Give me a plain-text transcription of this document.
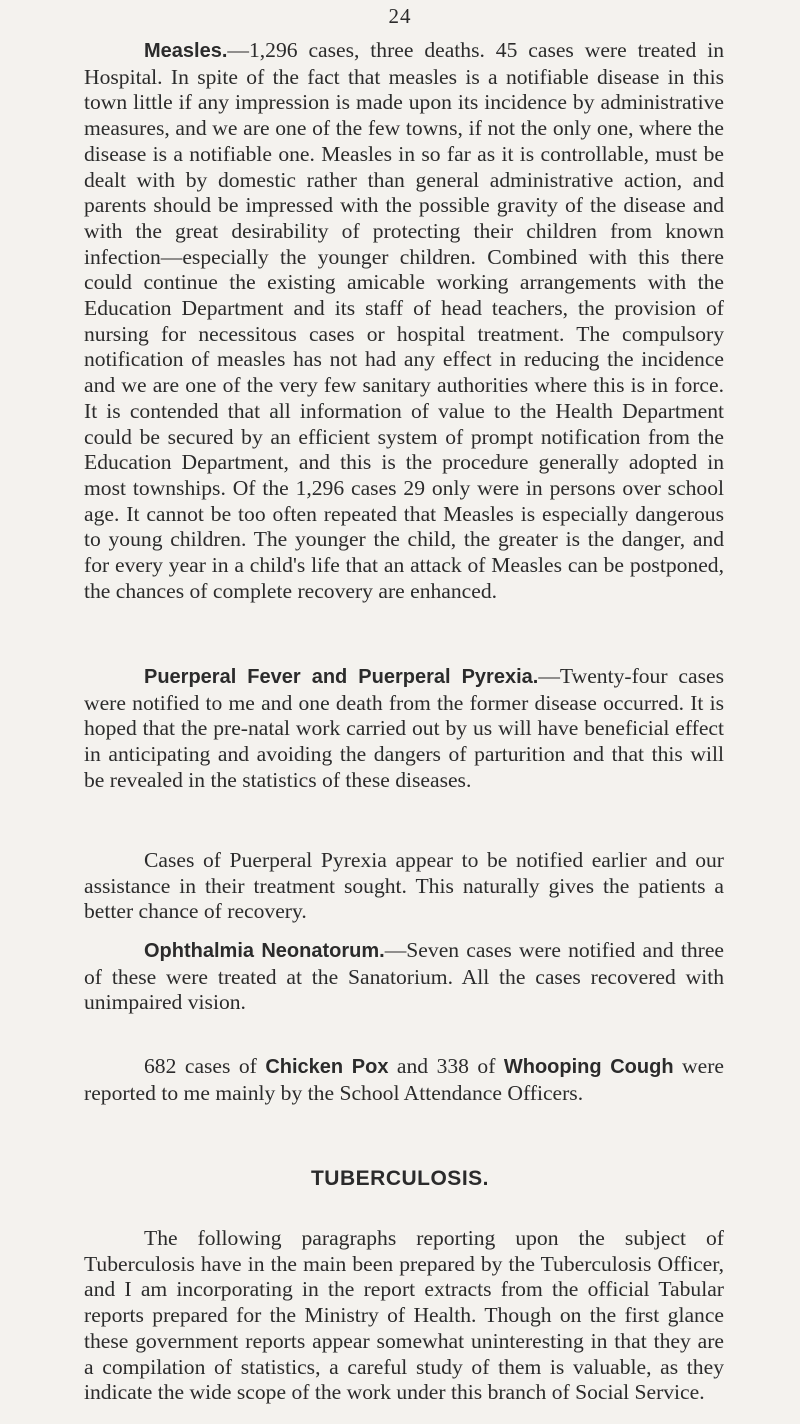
24

Measles.—1,296 cases, three deaths. 45 cases were treated in Hospital. In spite of the fact that measles is a notifiable disease in this town little if any impression is made upon its incidence by administrative measures, and we are one of the few towns, if not the only one, where the disease is a notifiable one. Measles in so far as it is controllable, must be dealt with by domestic rather than general administrative action, and parents should be impressed with the possible gravity of the disease and with the great desirability of protecting their children from known infection—especially the younger children. Combined with this there could continue the existing amicable working arrangements with the Education Department and its staff of head teachers, the provision of nursing for necessitous cases or hospital treatment. The compulsory notification of measles has not had any effect in reducing the incidence and we are one of the very few sanitary authorities where this is in force. It is contended that all information of value to the Health Department could be secured by an efficient system of prompt notification from the Education Department, and this is the procedure generally adopted in most townships. Of the 1,296 cases 29 only were in persons over school age. It cannot be too often repeated that Measles is especially dangerous to young children. The younger the child, the greater is the danger, and for every year in a child's life that an attack of Measles can be postponed, the chances of complete recovery are enhanced.

Puerperal Fever and Puerperal Pyrexia.—Twenty-four cases were notified to me and one death from the former disease occurred. It is hoped that the pre-natal work carried out by us will have beneficial effect in anticipating and avoiding the dangers of parturition and that this will be revealed in the statistics of these diseases.

Cases of Puerperal Pyrexia appear to be notified earlier and our assistance in their treatment sought. This naturally gives the patients a better chance of recovery.

Ophthalmia Neonatorum.—Seven cases were notified and three of these were treated at the Sanatorium. All the cases recovered with unimpaired vision.

682 cases of Chicken Pox and 338 of Whooping Cough were reported to me mainly by the School Attendance Officers.

TUBERCULOSIS.

The following paragraphs reporting upon the subject of Tuberculosis have in the main been prepared by the Tuberculosis Officer, and I am incorporating in the report extracts from the official Tabular reports prepared for the Ministry of Health. Though on the first glance these government reports appear somewhat uninteresting in that they are a compilation of statistics, a careful study of them is valuable, as they indicate the wide scope of the work under this branch of Social Service.
